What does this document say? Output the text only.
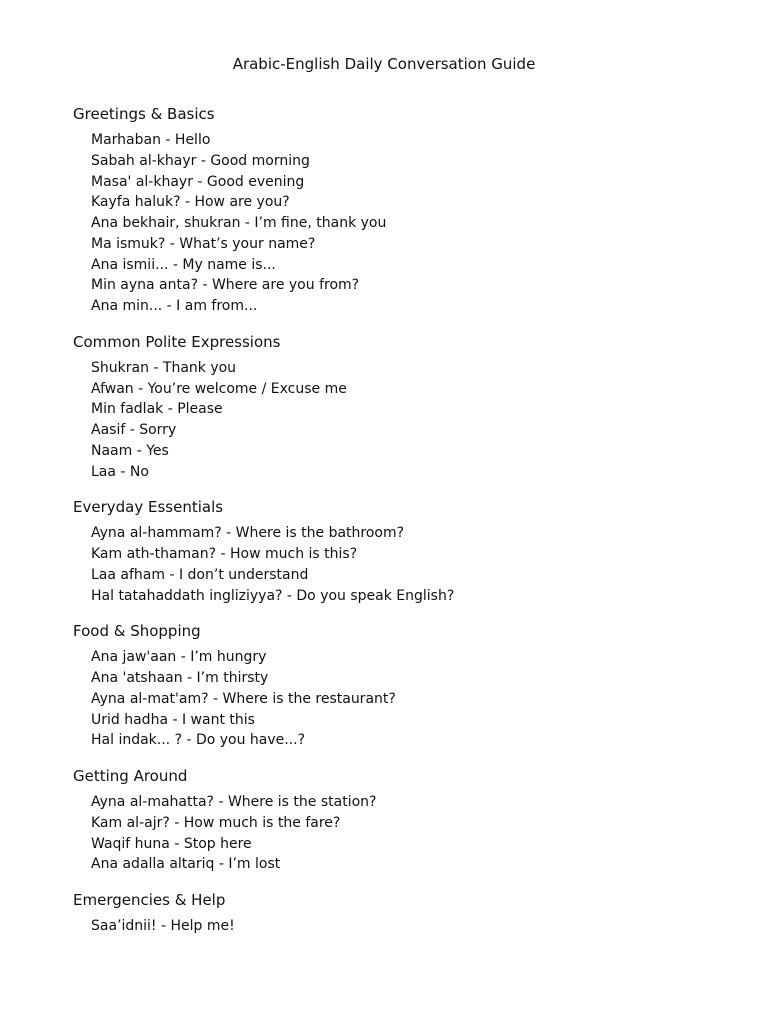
Arabic-English Daily Conversation Guide
Greetings & Basics
Marhaban - Hello
Sabah al-khayr - Good morning
Masa' al-khayr - Good evening
Kayfa haluk? - How are you?
Ana bekhair, shukran - I’m fine, thank you
Ma ismuk? - What’s your name?
Ana ismii... - My name is...
Min ayna anta? - Where are you from?
Ana min... - I am from...
Common Polite Expressions
Shukran - Thank you
Afwan - You’re welcome / Excuse me
Min fadlak - Please
Aasif - Sorry
Naam - Yes
Laa - No
Everyday Essentials
Ayna al-hammam? - Where is the bathroom?
Kam ath-thaman? - How much is this?
Laa afham - I don’t understand
Hal tatahaddath ingliziyya? - Do you speak English?
Food & Shopping
Ana jaw'aan - I’m hungry
Ana 'atshaan - I’m thirsty
Ayna al-mat'am? - Where is the restaurant?
Urid hadha - I want this
Hal indak... ? - Do you have...?
Getting Around
Ayna al-mahatta? - Where is the station?
Kam al-ajr? - How much is the fare?
Waqif huna - Stop here
Ana adalla altariq - I’m lost
Emergencies & Help
Saa’idnii! - Help me!
